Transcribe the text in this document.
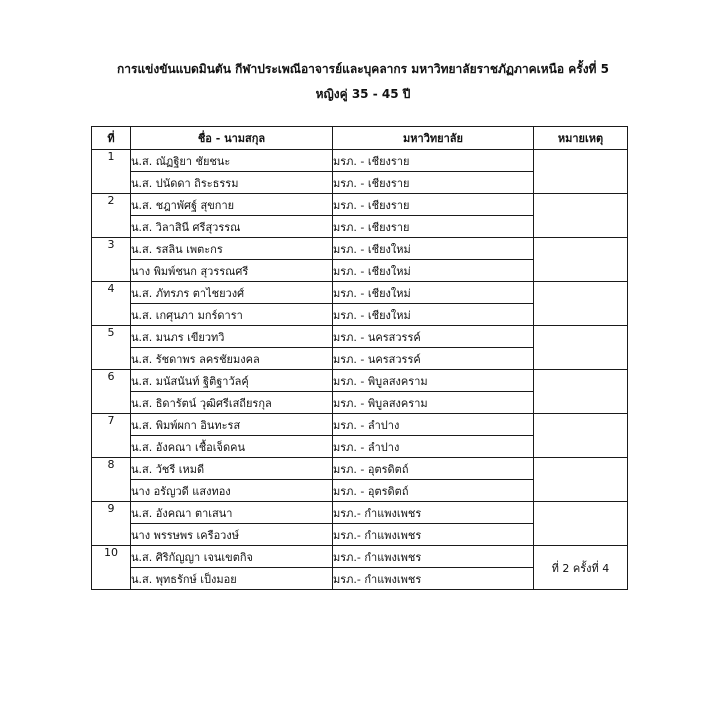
การแข่งขันแบดมินตัน กีฬาประเพณีอาจารย์และบุคลากร มหาวิทยาลัยราชภัฏภาคเหนือ ครั้งที่ 5
หญิงคู่ 35 - 45 ปี
ที่	ชื่อ - นามสกุล	มหาวิทยาลัย	หมายเหตุ
1	น.ส. ณัฏฐิยา ชัยชนะ	มรภ. - เชียงราย	
	น.ส. ปนัดดา ถิระธรรม	มรภ. - เชียงราย	
2	น.ส. ชฎาพัศฐ์ สุขกาย	มรภ. - เชียงราย	
	น.ส. วิลาสินี ศรีสุวรรณ	มรภ. - เชียงราย	
3	น.ส. รสลิน เพตะกร	มรภ. - เชียงใหม่	
	นาง พิมพ์ชนก สุวรรณศรี	มรภ. - เชียงใหม่	
4	น.ส. ภัทรภร ตาไชยวงศ์	มรภ. - เชียงใหม่	
	น.ส. เกศุนภา มกร์ดารา	มรภ. - เชียงใหม่	
5	น.ส. มนภร เขียวทวิ	มรภ. - นครสวรรค์	
	น.ส. รัชดาพร ลครชัยมงคล	มรภ. - นครสวรรค์	
6	น.ส. มนัสนันท์ ฐิติฐาวัลคุ์	มรภ. - พิบูลสงคราม	
	น.ส. ธิดารัตน์ วุฒิศรีเสถียรกุล	มรภ. - พิบูลสงคราม	
7	น.ส. พิมพ์ผกา อินทะรส	มรภ. - ลำปาง	
	น.ส. อังคณา เชื้อเจ็ดคน	มรภ. - ลำปาง	
8	น.ส. วัชรี เหมดี	มรภ. - อุตรดิตถ์	
	นาง อรัญวดี แสงทอง	มรภ. - อุตรดิตถ์	
9	น.ส. อังคณา ตาเสนา	มรภ.- กำแพงเพชร	
	นาง พรรษพร เครือวงษ์	มรภ.- กำแพงเพชร	
10	น.ส. ศิริกัญญา เจนเขตกิจ	มรภ.- กำแพงเพชร	ที่ 2 ครั้งที่ 4
	น.ส. พุทธรักษ์ เป็งมอย	มรภ.- กำแพงเพชร	
